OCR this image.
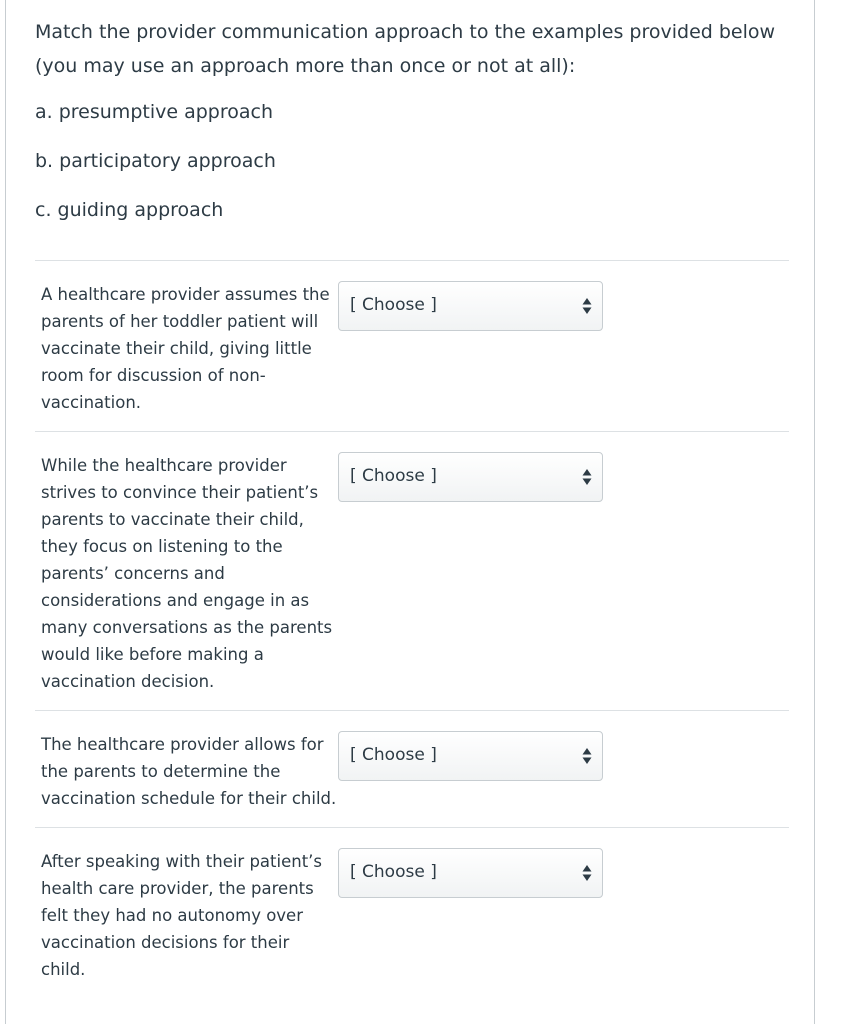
Match the provider communication approach to the examples provided below (you may use an approach more than once or not at all):

a. presumptive approach
b. participatory approach
c. guiding approach
A healthcare provider assumes the parents of her toddler patient will vaccinate their child, giving little room for discussion of non-vaccination.
[ Choose ]
While the healthcare provider strives to convince their patient’s parents to vaccinate their child, they focus on listening to the parents’ concerns and considerations and engage in as many conversations as the parents would like before making a vaccination decision.
[ Choose ]
The healthcare provider allows for the parents to determine the vaccination schedule for their child.
[ Choose ]
After speaking with their patient’s health care provider, the parents felt they had no autonomy over vaccination decisions for their child.
[ Choose ]
